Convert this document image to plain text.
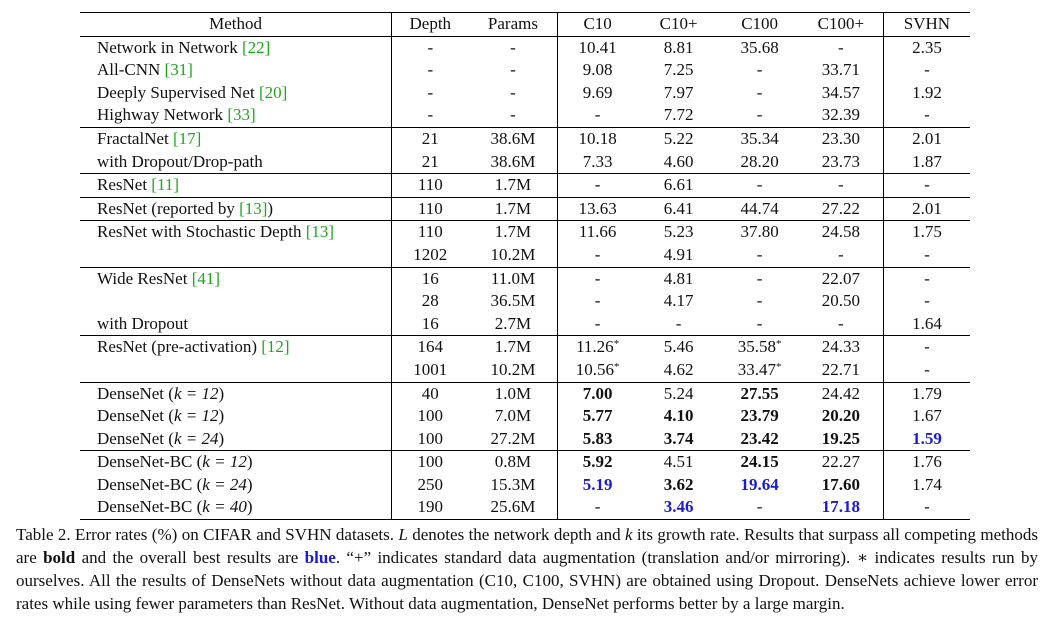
Method	Depth	Params	C10	C10+	C100	C100+	SVHN
Network in Network [22]	-	-	10.41	8.81	35.68	-	2.35
All-CNN [31]	-	-	9.08	7.25	-	33.71	-
Deeply Supervised Net [20]	-	-	9.69	7.97	-	34.57	1.92
Highway Network [33]	-	-	-	7.72	-	32.39	-
FractalNet [17]	21	38.6M	10.18	5.22	35.34	23.30	2.01
with Dropout/Drop-path	21	38.6M	7.33	4.60	28.20	23.73	1.87
ResNet [11]	110	1.7M	-	6.61	-	-	-
ResNet (reported by [13])	110	1.7M	13.63	6.41	44.74	27.22	2.01
ResNet with Stochastic Depth [13]	110	1.7M	11.66	5.23	37.80	24.58	1.75
	1202	10.2M	-	4.91	-	-	-
Wide ResNet [41]	16	11.0M	-	4.81	-	22.07	-
	28	36.5M	-	4.17	-	20.50	-
with Dropout	16	2.7M	-	-	-	-	1.64
ResNet (pre-activation) [12]	164	1.7M	11.26*	5.46	35.58*	24.33	-
	1001	10.2M	10.56*	4.62	33.47*	22.71	-
DenseNet (k = 12)	40	1.0M	7.00	5.24	27.55	24.42	1.79
DenseNet (k = 12)	100	7.0M	5.77	4.10	23.79	20.20	1.67
DenseNet (k = 24)	100	27.2M	5.83	3.74	23.42	19.25	1.59
DenseNet-BC (k = 12)	100	0.8M	5.92	4.51	24.15	22.27	1.76
DenseNet-BC (k = 24)	250	15.3M	5.19	3.62	19.64	17.60	1.74
DenseNet-BC (k = 40)	190	25.6M	-	3.46	-	17.18	-
Table 2. Error rates (%) on CIFAR and SVHN datasets. L denotes the network depth and k its growth rate. Results that surpass all competing methods are bold and the overall best results are blue. “+” indicates standard data augmentation (translation and/or mirroring). ∗ indicates results run by ourselves. All the results of DenseNets without data augmentation (C10, C100, SVHN) are obtained using Dropout. DenseNets achieve lower error rates while using fewer parameters than ResNet. Without data augmentation, DenseNet performs better by a large margin.
